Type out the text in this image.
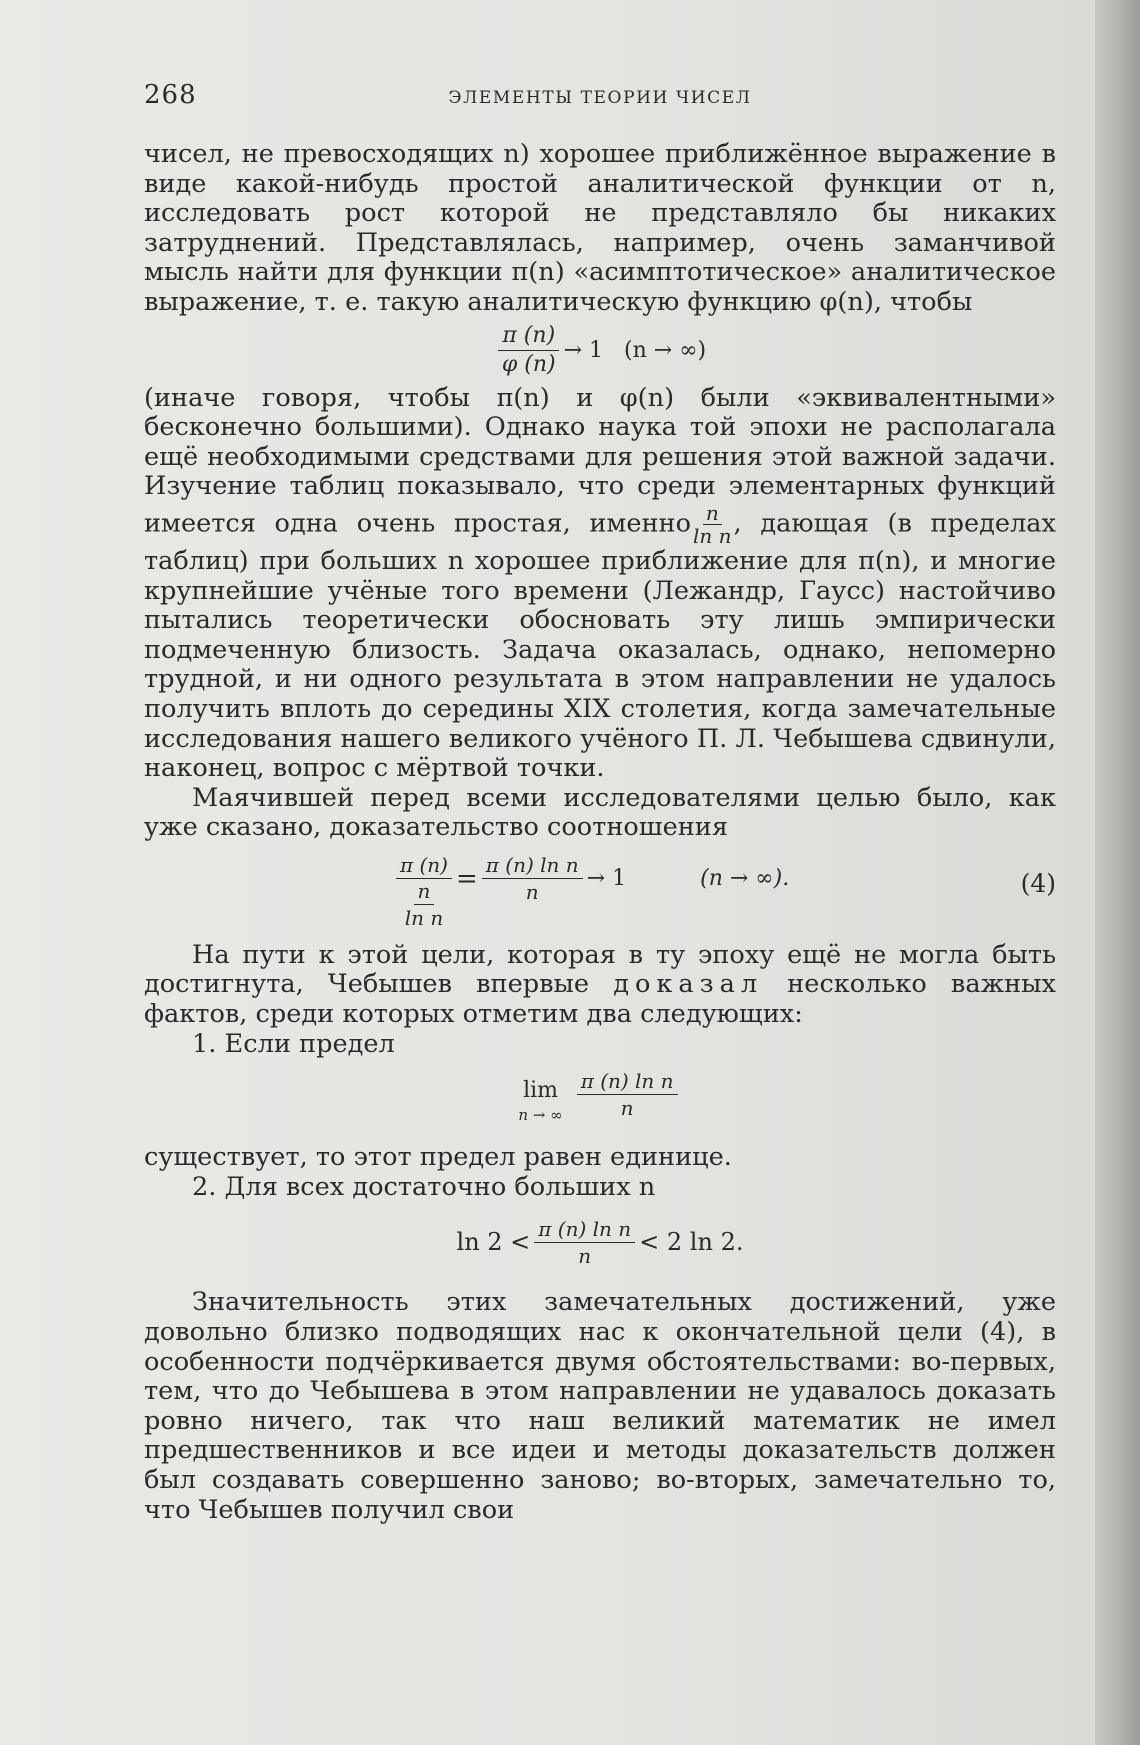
268	ЭЛЕМЕНТЫ ТЕОРИИ ЧИСЕЛ

чисел, не превосходящих n) хорошее приближённое выражение в виде какой-нибудь простой аналитической функции от n, исследовать рост которой не представляло бы никаких затруднений. Представлялась, например, очень заманчивой мысль найти для функции π(n) «асимптотическое» аналитическое выражение, т. е. такую аналитическую функцию φ(n), чтобы

$\frac{\pi (n)}{\varphi (n)} \to 1$   (n → ∞)

(иначе говоря, чтобы π(n) и φ(n) были «эквивалентными» бесконечно большими). Однако наука той эпохи не располагала ещё необходимыми средствами для решения этой важной задачи. Изучение таблиц показывало, что среди элементарных функций имеется одна очень простая, именно $\frac{n}{\text{ln n}}$ , дающая (в пределах таблиц) при больших n хорошее приближение для π(n), и многие крупнейшие учёные того времени (Лежандр, Гаусс) настойчиво пытались теоретически обосновать эту лишь эмпирически подмеченную близость. Задача оказалась, однако, непомерно трудной, и ни одного результата в этом направлении не удалось получить вплоть до середины XIX столетия, когда замечательные исследования нашего великого учёного П. Л. Чебышева сдвинули, наконец, вопрос с мёртвой точки.

Маячившей перед всеми исследователями целью было, как уже сказано, доказательство соотношения

$\frac{\pi (n)}{\frac{n}{\text{ln n}}} = \frac{\text{π (n) ln n}}{n} \to 1$	(n → ∞).	(4)

На пути к этой цели, которая в ту эпоху ещё не могла быть достигнута, Чебышев впервые доказал несколько важных фактов, среди которых отметим два следующих:

1. Если предел

lim
n → ∞ $\frac{\text{π (n) ln n}}{n}$

существует, то этот предел равен единице.

2. Для всех достаточно больших n

$\ln 2 < \frac{\text{π (n) ln n}}{n} < 2$ ln 2.

Значительность этих замечательных достижений, уже довольно близко подводящих нас к окончательной цели (4), в особенности подчёркивается двумя обстоятельствами: во-первых, тем, что до Чебышева в этом направлении не удавалось доказать ровно ничего, так что наш великий математик не имел предшественников и все идеи и методы доказательств должен был создавать совершенно заново; во-вторых, замечательно то, что Чебышев получил свои
